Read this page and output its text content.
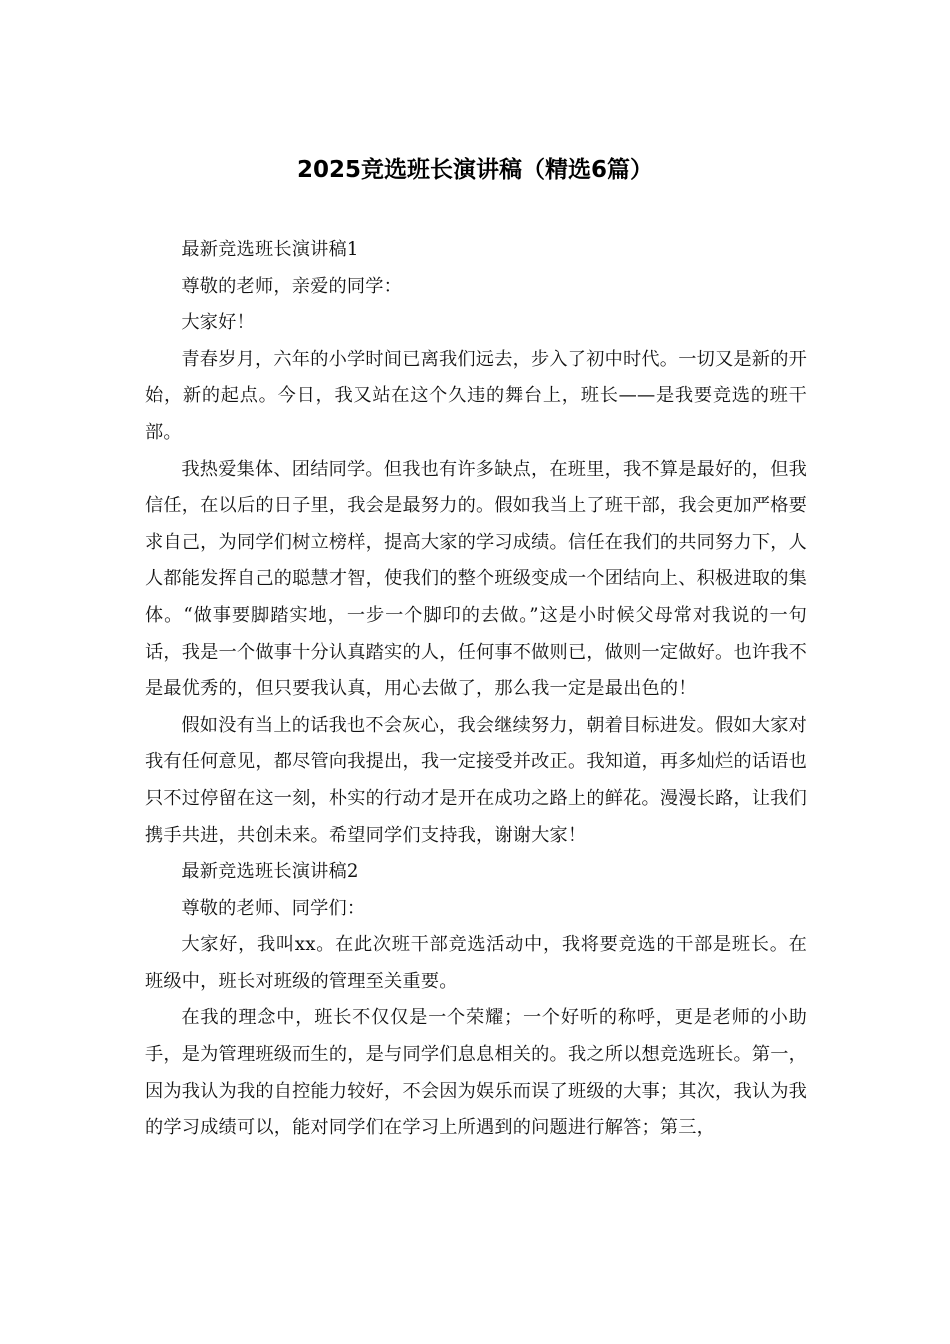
2025竞选班长演讲稿（精选6篇）

最新竞选班长演讲稿1

尊敬的老师，亲爱的同学：

大家好！

青春岁月，六年的小学时间已离我们远去，步入了初中时代。一切又是新的开始，新的起点。今日，我又站在这个久违的舞台上，班长——是我要竞选的班干部。

我热爱集体、团结同学。但我也有许多缺点，在班里，我不算是最好的，但我信任，在以后的日子里，我会是最努力的。假如我当上了班干部，我会更加严格要求自己，为同学们树立榜样，提高大家的学习成绩。信任在我们的共同努力下，人人都能发挥自己的聪慧才智，使我们的整个班级变成一个团结向上、积极进取的集体。“做事要脚踏实地，一步一个脚印的去做。”这是小时候父母常对我说的一句话，我是一个做事十分认真踏实的人，任何事不做则已，做则一定做好。也许我不是最优秀的，但只要我认真，用心去做了，那么我一定是最出色的！

假如没有当上的话我也不会灰心，我会继续努力，朝着目标进发。假如大家对我有任何意见，都尽管向我提出，我一定接受并改正。我知道，再多灿烂的话语也只不过停留在这一刻，朴实的行动才是开在成功之路上的鲜花。漫漫长路，让我们携手共进，共创未来。希望同学们支持我，谢谢大家！

最新竞选班长演讲稿2

尊敬的老师、同学们：

大家好，我叫xx。在此次班干部竞选活动中，我将要竞选的干部是班长。在班级中，班长对班级的管理至关重要。

在我的理念中，班长不仅仅是一个荣耀；一个好听的称呼，更是老师的小助手，是为管理班级而生的，是与同学们息息相关的。我之所以想竞选班长。第一，因为我认为我的自控能力较好，不会因为娱乐而误了班级的大事；其次，我认为我的学习成绩可以，能对同学们在学习上所遇到的问题进行解答；第三，
